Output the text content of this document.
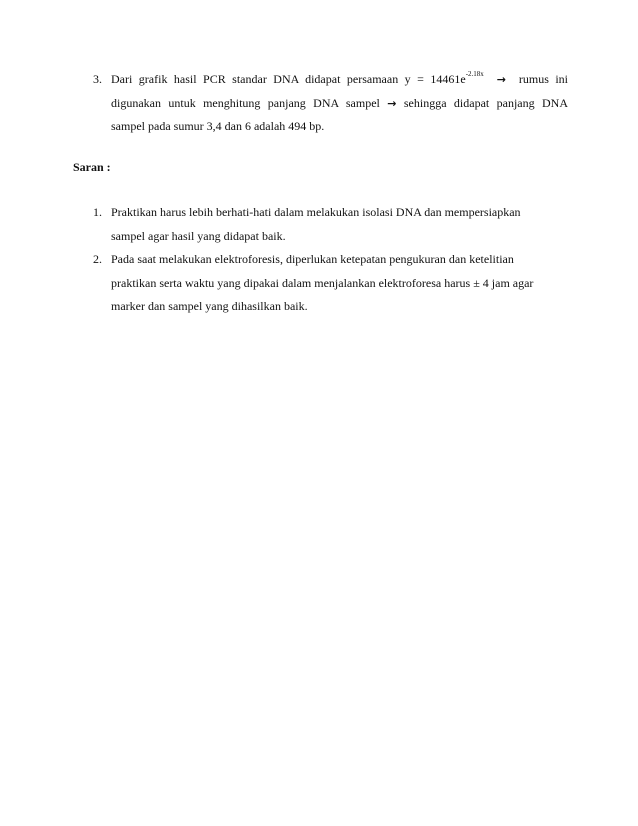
3. Dari grafik hasil PCR standar DNA didapat persamaan $y = 14461e^{-2.18x}$ → rumus ini
digunakan untuk menghitung panjang DNA sampel → sehingga didapat panjang DNA
sampel pada sumur 3,4 dan 6 adalah 494 bp.
Saran :
1. Praktikan harus lebih berhati-hati dalam melakukan isolasi DNA dan mempersiapkan
sampel agar hasil yang didapat baik.
2. Pada saat melakukan elektroforesis, diperlukan ketepatan pengukuran dan ketelitian
praktikan serta waktu yang dipakai dalam menjalankan elektroforesa harus ± 4 jam agar
marker dan sampel yang dihasilkan baik.
